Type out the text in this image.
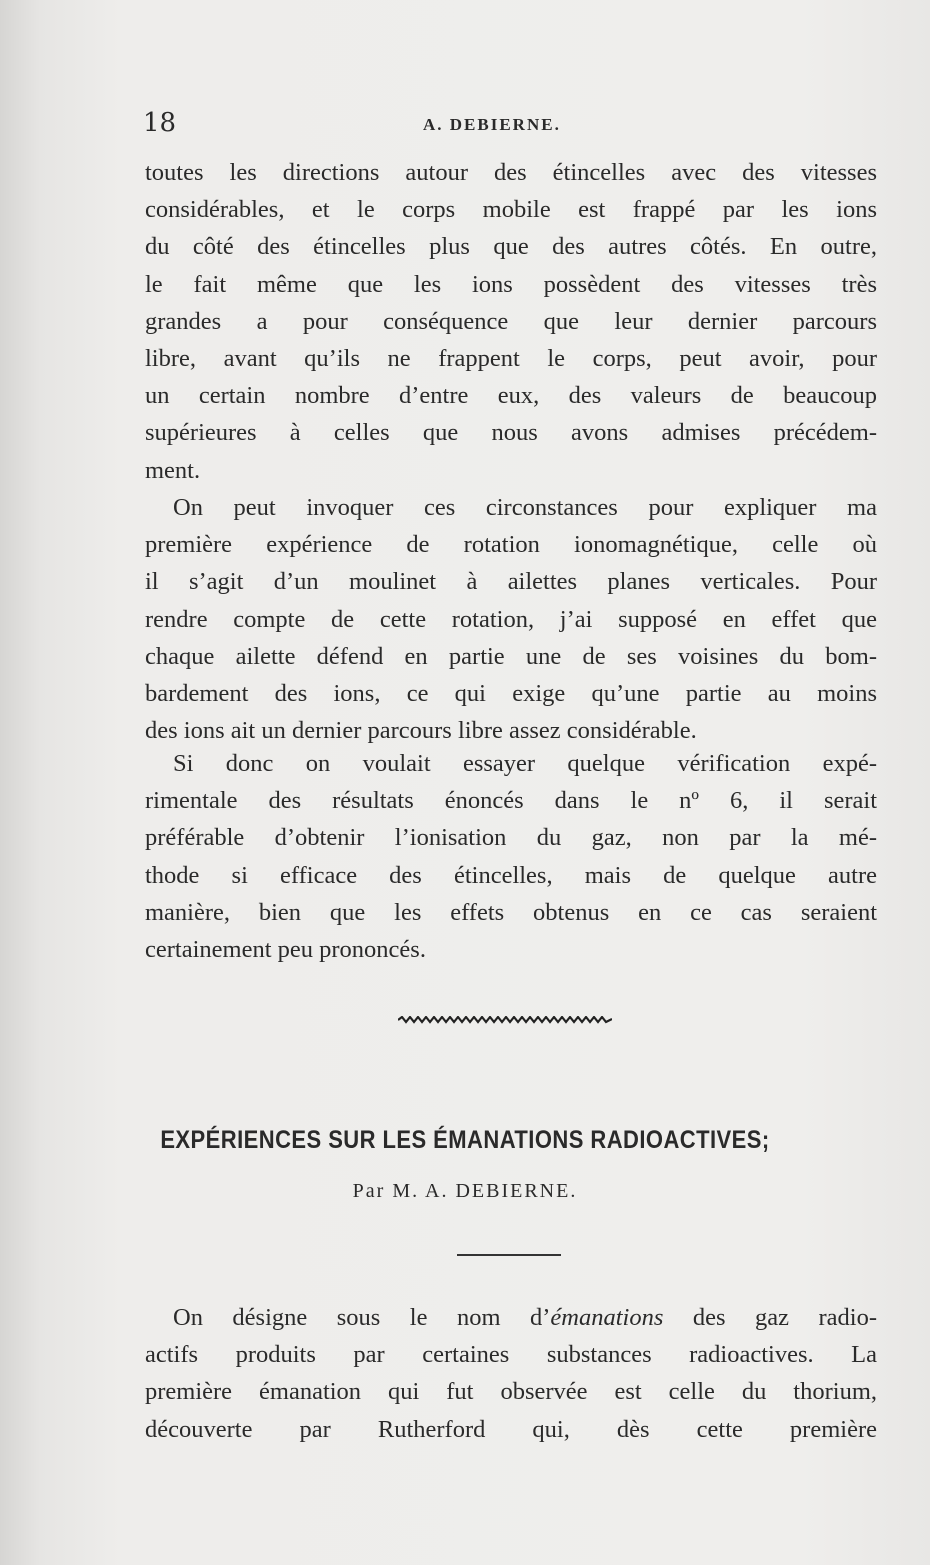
18	A. DEBIERNE.
toutes les directions autour des étincelles avec des vitesses
considérables, et le corps mobile est frappé par les ions
du côté des étincelles plus que des autres côtés. En outre,
le fait même que les ions possèdent des vitesses très
grandes a pour conséquence que leur dernier parcours
libre, avant qu’ils ne frappent le corps, peut avoir, pour
un certain nombre d’entre eux, des valeurs de beaucoup
supérieures à celles que nous avons admises précédem-
ment.
On peut invoquer ces circonstances pour expliquer ma
première expérience de rotation ionomagnétique, celle où
il s’agit d’un moulinet à ailettes planes verticales. Pour
rendre compte de cette rotation, j’ai supposé en effet que
chaque ailette défend en partie une de ses voisines du bom-
bardement des ions, ce qui exige qu’une partie au moins
des ions ait un dernier parcours libre assez considérable.
Si donc on voulait essayer quelque vérification expé-
rimentale des résultats énoncés dans le nº 6, il serait
préférable d’obtenir l’ionisation du gaz, non par la mé-
thode si efficace des étincelles, mais de quelque autre
manière, bien que les effets obtenus en ce cas seraient
certainement peu prononcés.
EXPÉRIENCES SUR LES ÉMANATIONS RADIOACTIVES;
Par M. A. DEBIERNE.
On désigne sous le nom d’émanations des gaz radio-
actifs produits par certaines substances radioactives. La
première émanation qui fut observée est celle du thorium,
découverte par Rutherford qui, dès cette première
